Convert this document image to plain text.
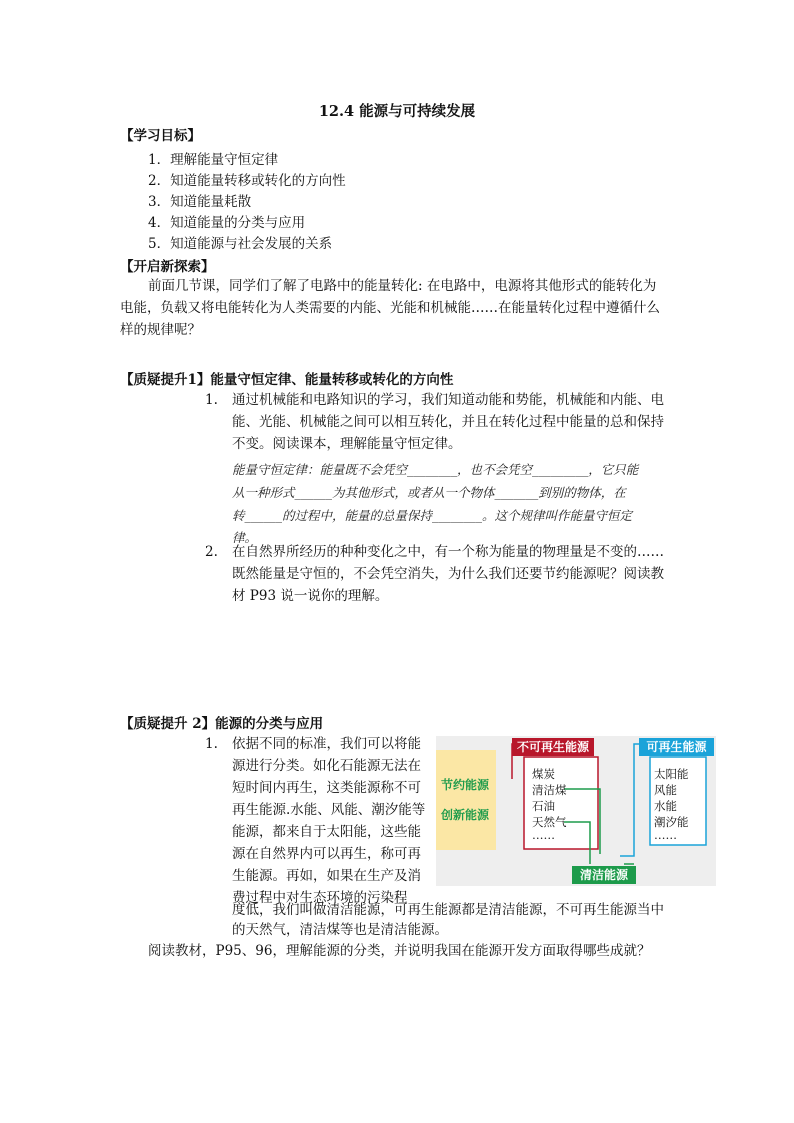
12.4 能源与可持续发展
【学习目标】
1．理解能量守恒定律
2．知道能量转移或转化的方向性
3．知道能量耗散
4．知道能量的分类与应用
5．知道能源与社会发展的关系
【开启新探索】
前面几节课，同学们了解了电路中的能量转化: 在电路中，电源将其他形式的能转化为
电能，负载又将电能转化为人类需要的内能、光能和机械能……在能量转化过程中遵循什么
样的规律呢？
【质疑提升1】能量守恒定律、能量转移或转化的方向性
1. 通过机械能和电路知识的学习，我们知道动能和势能，机械能和内能、电
能、光能、机械能之间可以相互转化，并且在转化过程中能量的总和保持
不变。阅读课本，理解能量守恒定律。
能量守恒定律：能量既不会凭空________，也不会凭空_________，它只能
从一种形式______为其他形式，或者从一个物体_______到别的物体，在
转______的过程中，能量的总量保持________。这个规律叫作能量守恒定
律。
2. 在自然界所经历的种种变化之中，有一个称为能量的物理量是不变的……
既然能量是守恒的，不会凭空消失，为什么我们还要节约能源呢？阅读教
材 P93 说一说你的理解。
【质疑提升 2】能源的分类与应用
1. 依据不同的标准，我们可以将能
源进行分类。如化石能源无法在
短时间内再生，这类能源称不可
再生能源.水能、风能、潮汐能等
能源，都来自于太阳能，这些能
源在自然界内可以再生，称可再
生能源。再如，如果在生产及消
费过程中对生态环境的污染程
度低，我们叫做清洁能源，可再生能源都是清洁能源，不可再生能源当中
的天然气，清洁煤等也是清洁能源。
阅读教材，P95、96，理解能源的分类，并说明我国在能源开发方面取得哪些成就？
节约能源
创新能源
不可再生能源	可再生能源
清洁能源
煤炭
清洁煤
石油
天然气
……
太阳能
风能
水能
潮汐能
……
